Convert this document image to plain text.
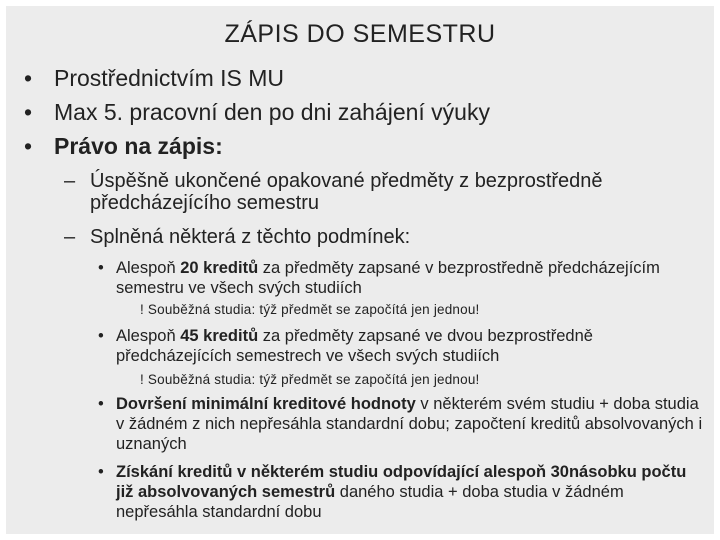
ZÁPIS DO SEMESTRU
• Prostřednictvím IS MU
• Max 5. pracovní den po dni zahájení výuky
• Právo na zápis:
– Úspěšně ukončené opakované předměty z bezprostředně předcházejícího semestru
– Splněná některá z těchto podmínek:
• Alespoň 20 kreditů za předměty zapsané v bezprostředně předcházejícím semestru ve všech svých studiích
! Souběžná studia: týž předmět se započítá jen jednou!
• Alespoň 45 kreditů za předměty zapsané ve dvou bezprostředně předcházejících semestrech ve všech svých studiích
! Souběžná studia: týž předmět se započítá jen jednou!
• Dovršení minimální kreditové hodnoty v některém svém studiu + doba studia v žádném z nich nepřesáhla standardní dobu; započtení kreditů absolvovaných i uznaných
• Získání kreditů v některém studiu odpovídající alespoň 30násobku počtu již absolvovaných semestrů daného studia + doba studia v žádném nepřesáhla standardní dobu
